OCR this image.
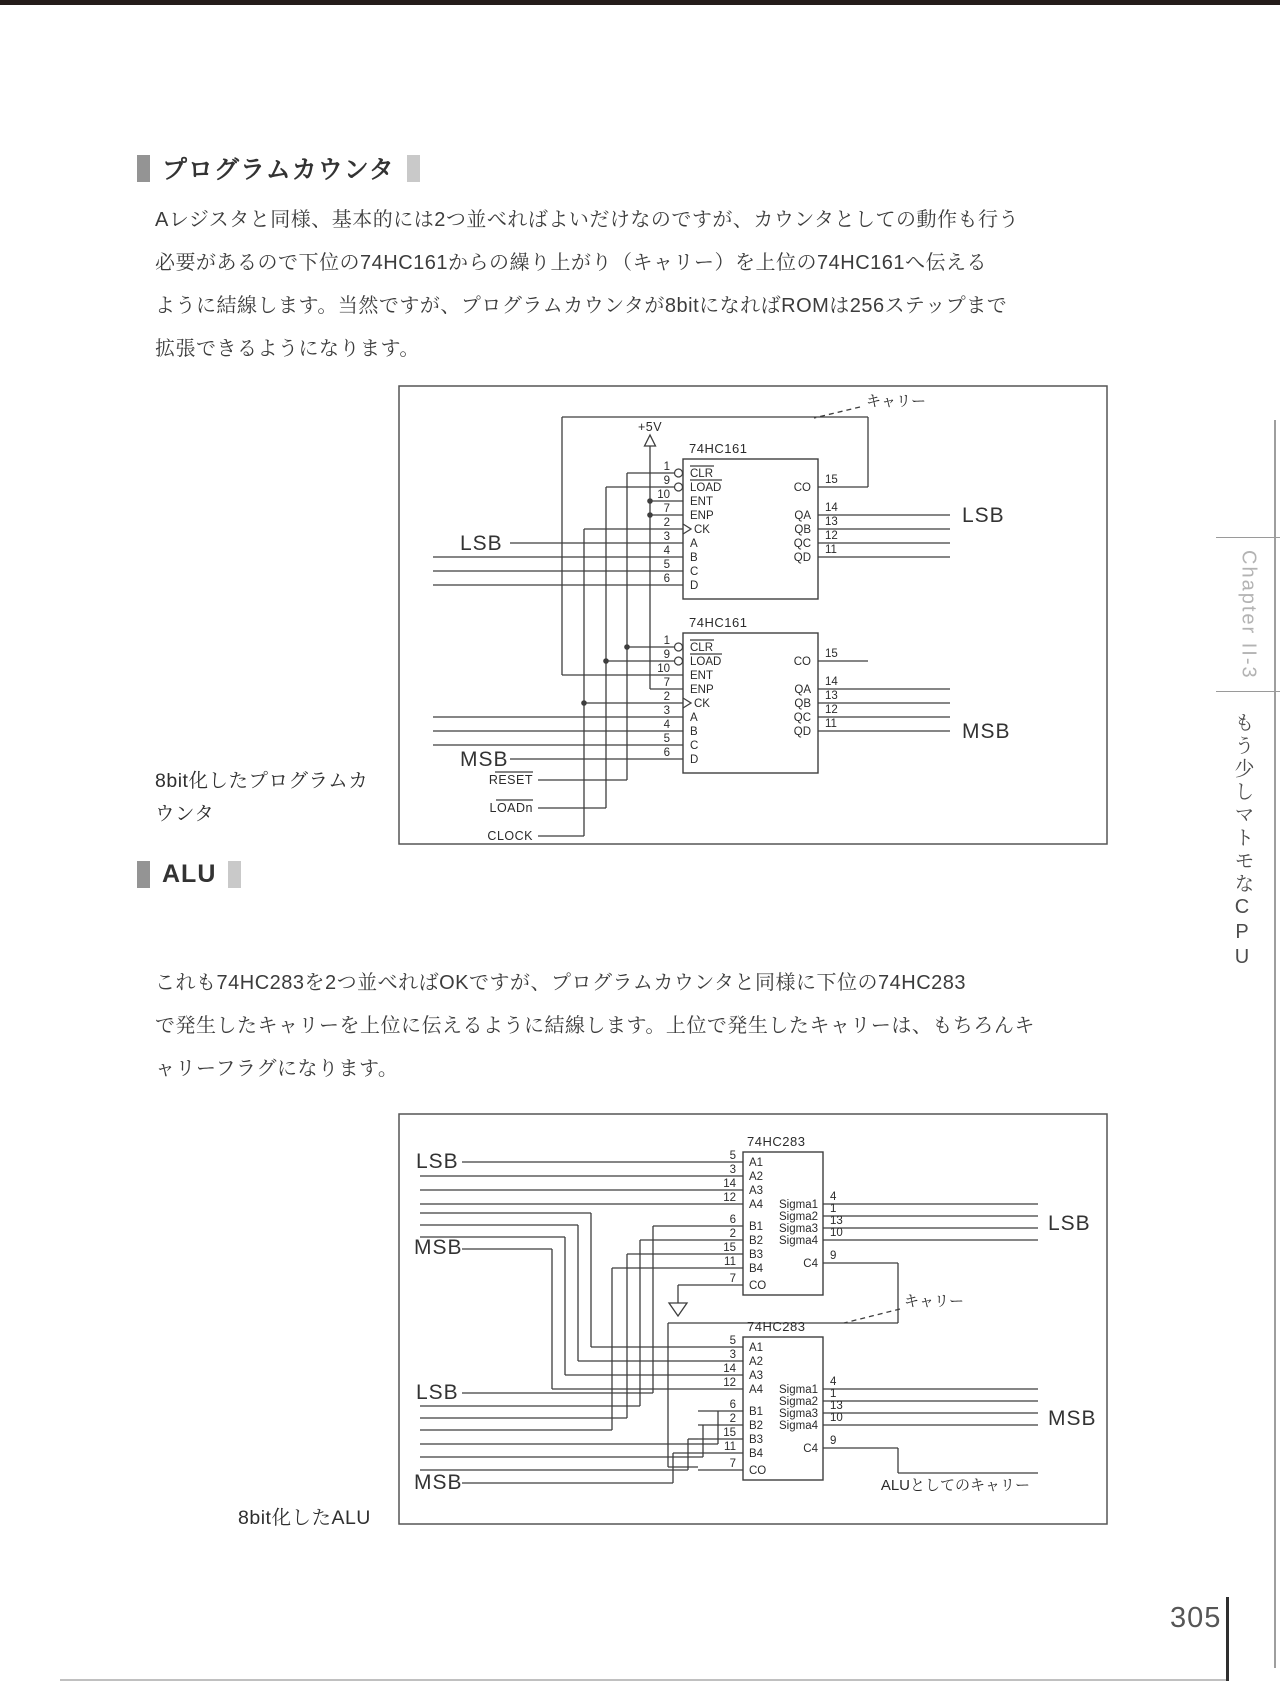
プログラムカウンタ
Aレジスタと同様、基本的には2つ並べればよいだけなのですが、カウンタとしての動作も行う
必要があるので下位の74HC161からの繰り上がり（キャリー）を上位の74HC161へ伝える
ように結線します。当然ですが、プログラムカウンタが8bitになればROMは256ステップまで
拡張できるようになります。
+5V
キャリー
LSB
MSB
RESET
LOADn
CLOCK
LSB
MSB
74HC161
CLR
LOAD
ENT
ENP
CK
A
B
C
D
1
9
10
7
2
3
4
5
6
CO
QA
QB
QC
QD
15
14
13
12
11
74HC161
CLR
LOAD
ENT
ENP
CK
A
B
C
D
1
9
10
7
2
3
4
5
6
CO
QA
QB
QC
QD
15
14
13
12
11
8bit化したプログラムカ
ウンタ
ALU
これも74HC283を2つ並べればOKですが、プログラムカウンタと同様に下位の74HC283
で発生したキャリーを上位に伝えるように結線します。上位で発生したキャリーは、もちろんキ
ャリーフラグになります。
LSB
MSB
LSB
MSB
キャリー
ALUとしてのキャリー
LSB
MSB
74HC283
A1
A2
A3
A4
B1
B2
B3
B4
CO
5
3
14
12
6
2
15
11
7
Sigma1
Sigma2
Sigma3
Sigma4
C4
4
1
13
10
9
74HC283
A1
A2
A3
A4
B1
B2
B3
B4
CO
5
3
14
12
6
2
15
11
7
Sigma1
Sigma2
Sigma3
Sigma4
C4
4
1
13
10
9
8bit化したALU
Chapter II-3
もう少しマトモなCPU
305
